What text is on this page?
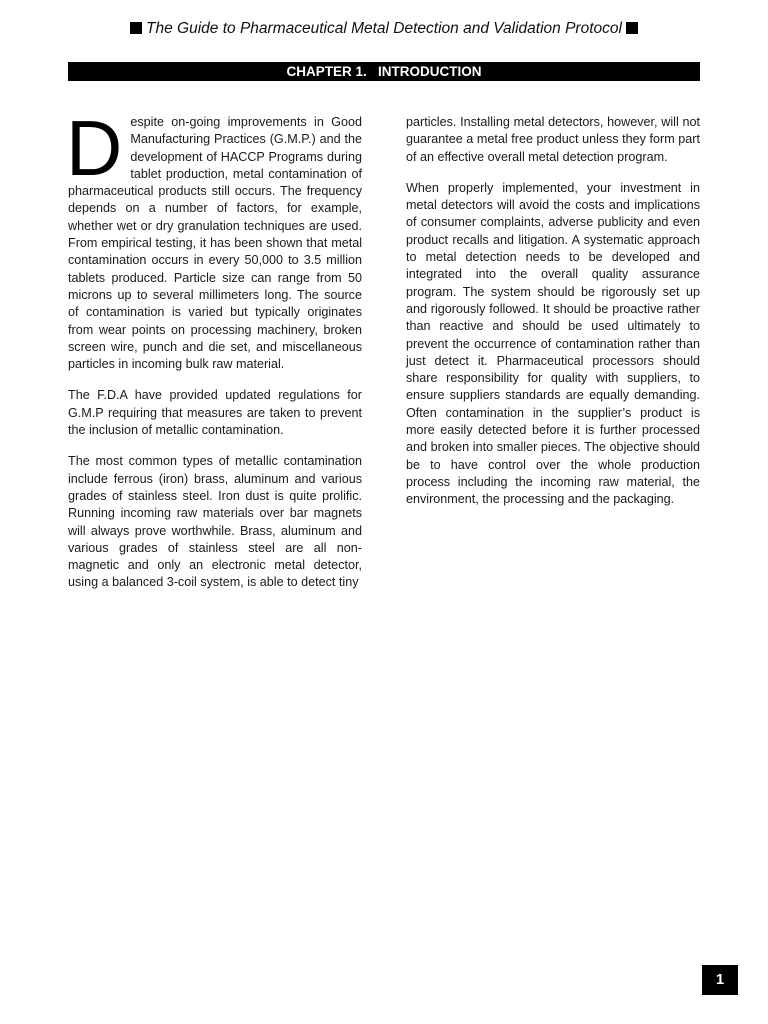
The Guide to Pharmaceutical Metal Detection and Validation Protocol
CHAPTER 1.   INTRODUCTION

Despite on-going improvements in Good Manufacturing Practices (G.M.P.) and the development of HACCP Programs during tablet production, metal contamination of pharmaceutical products still occurs. The frequency depends on a number of factors, for example, whether wet or dry granulation techniques are used. From empirical testing, it has been shown that metal contamination occurs in every 50,000 to 3.5 million tablets produced. Particle size can range from 50 microns up to several millimeters long. The source of contamination is varied but typically originates from wear points on processing machinery, broken screen wire, punch and die set, and miscellaneous particles in incoming bulk raw material.

The F.D.A have provided updated regulations for G.M.P requiring that measures are taken to prevent the inclusion of metallic contamination.

The most common types of metallic contamination include ferrous (iron) brass, aluminum and various grades of stainless steel. Iron dust is quite prolific. Running incoming raw materials over bar magnets will always prove worthwhile. Brass, aluminum and various grades of stainless steel are all non-magnetic and only an electronic metal detector, using a balanced 3-coil system, is able to detect tiny

particles. Installing metal detectors, however, will not guarantee a metal free product unless they form part of an effective overall metal detection program.

When properly implemented, your investment in metal detectors will avoid the costs and implications of consumer complaints, adverse publicity and even product recalls and litigation. A systematic approach to metal detection needs to be developed and integrated into the overall quality assurance program. The system should be rigorously set up and rigorously followed. It should be proactive rather than reactive and should be used ultimately to prevent the occurrence of contamination rather than just detect it. Pharmaceutical processors should share responsibility for quality with suppliers, to ensure suppliers standards are equally demanding. Often contamination in the supplier’s product is more easily detected before it is further processed and broken into smaller pieces. The objective should be to have control over the whole production process including the incoming raw material, the environment, the processing and the packaging.

1
